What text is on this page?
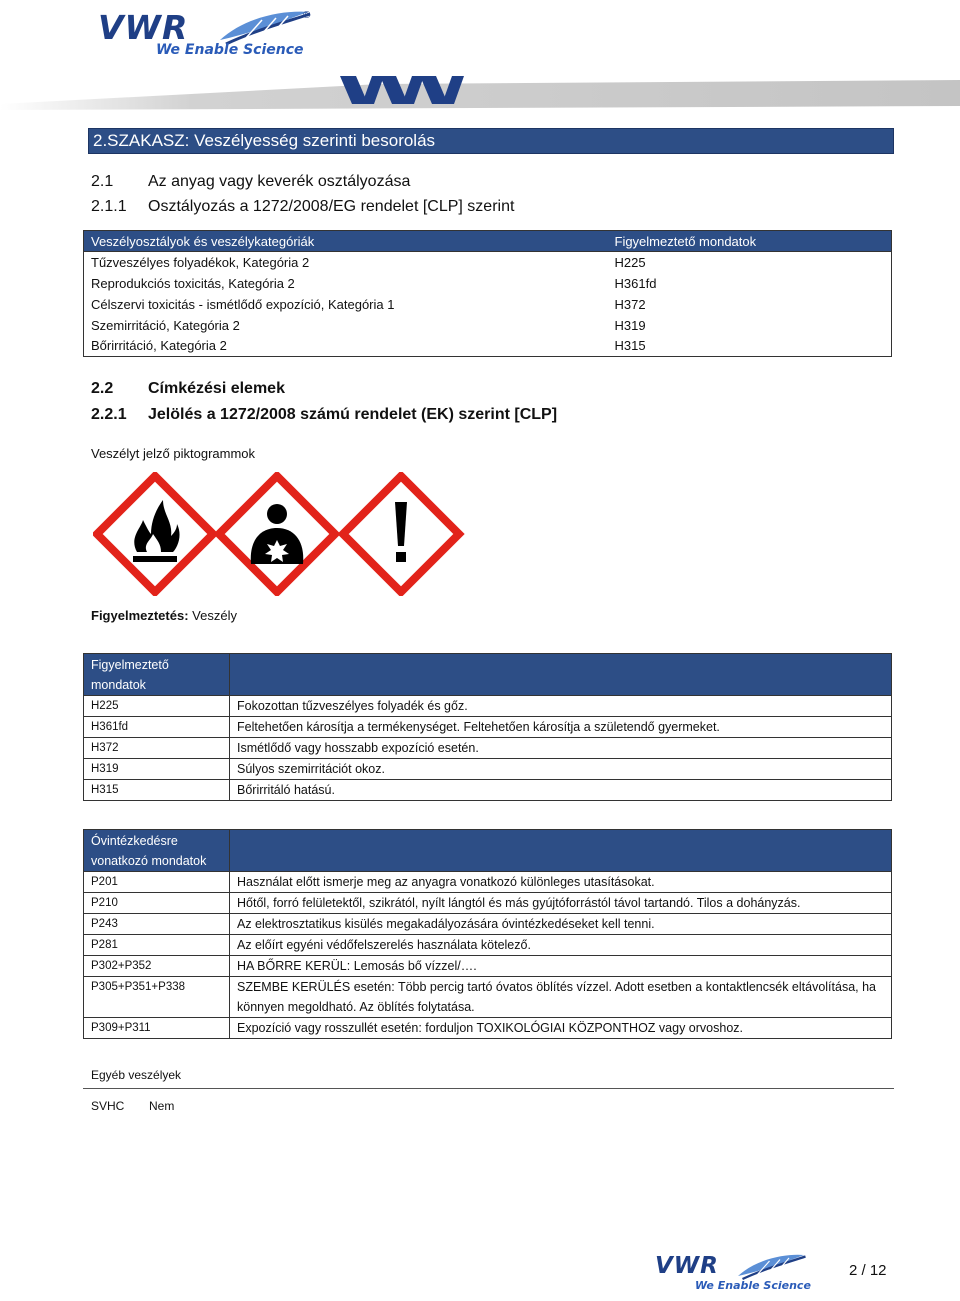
VWR	®
We Enable Science
2.SZAKASZ: Veszélyesség szerinti besorolás
2.1 Az anyag vagy keverék osztályozása
2.1.1 Osztályozás a 1272/2008/EG rendelet [CLP] szerint
Veszélyosztályok és veszélykategóriák	Figyelmeztető mondatok
Tűzveszélyes folyadékok, Kategória 2	H225
Reprodukciós toxicitás, Kategória 2	H361fd
Célszervi toxicitás - ismétlődő expozíció, Kategória 1	H372
Szemirritáció, Kategória 2	H319
Bőrirritáció, Kategória 2	H315
2.2 Címkézési elemek
2.2.1 Jelölés a 1272/2008 számú rendelet (EK) szerint [CLP]
Veszélyt jelző piktogrammok
Figyelmeztetés: Veszély
Figyelmeztető mondatok	
H225	Fokozottan tűzveszélyes folyadék és gőz.
H361fd	Feltehetően károsítja a termékenységet. Feltehetően károsítja a születendő gyermeket.
H372	Ismétlődő vagy hosszabb expozíció esetén.
H319	Súlyos szemirritációt okoz.
H315	Bőrirritáló hatású.
Óvintézkedésre vonatkozó mondatok	
P201	Használat előtt ismerje meg az anyagra vonatkozó különleges utasításokat.
P210	Hőtől, forró felületektől, szikrától, nyílt lángtól és más gyújtóforrástól távol tartandó. Tilos a dohányzás.
P243	Az elektrosztatikus kisülés megakadályozására óvintézkedéseket kell tenni.
P281	Az előírt egyéni védőfelszerelés használata kötelező.
P302+P352	HA BŐRRE KERÜL: Lemosás bő vízzel/….
P305+P351+P338	SZEMBE KERÜLÉS esetén: Több percig tartó óvatos öblítés vízzel. Adott esetben a kontaktlencsék eltávolítása, ha könnyen megoldható. Az öblítés folytatása.
P309+P311	Expozíció vagy rosszullét esetén: forduljon TOXIKOLÓGIAI KÖZPONTHOZ vagy orvoshoz.
Egyéb veszélyek
SVHC Nem
VWR
We Enable Science
2 / 12
